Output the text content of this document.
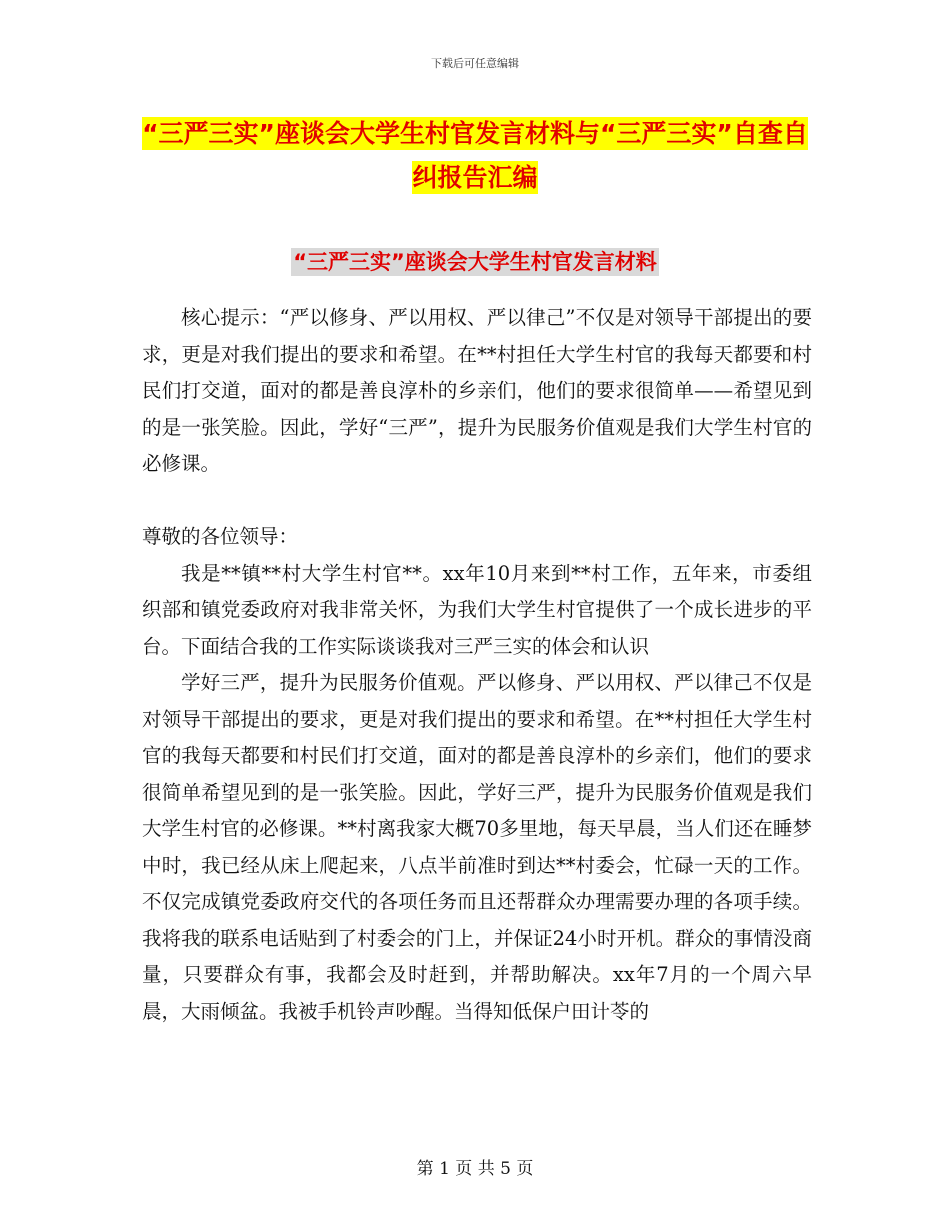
下载后可任意编辑
“三严三实”座谈会大学生村官发言材料与“三严三实”自查自纠报告汇编
“三严三实”座谈会大学生村官发言材料

核心提示：“严以修身、严以用权、严以律己”不仅是对领导干部提出的要求，更是对我们提出的要求和希望。在**村担任大学生村官的我每天都要和村民们打交道，面对的都是善良淳朴的乡亲们，他们的要求很简单——希望见到的是一张笑脸。因此，学好“三严”，提升为民服务价值观是我们大学生村官的必修课。

尊敬的各位领导：

我是**镇**村大学生村官**。xx年10月来到**村工作，五年来，市委组织部和镇党委政府对我非常关怀，为我们大学生村官提供了一个成长进步的平台。下面结合我的工作实际谈谈我对三严三实的体会和认识

学好三严，提升为民服务价值观。严以修身、严以用权、严以律己不仅是对领导干部提出的要求，更是对我们提出的要求和希望。在**村担任大学生村官的我每天都要和村民们打交道，面对的都是善良淳朴的乡亲们，他们的要求很简单希望见到的是一张笑脸。因此，学好三严，提升为民服务价值观是我们大学生村官的必修课。**村离我家大概70多里地，每天早晨，当人们还在睡梦中时，我已经从床上爬起来，八点半前准时到达**村委会，忙碌一天的工作。不仅完成镇党委政府交代的各项任务而且还帮群众办理需要办理的各项手续。我将我的联系电话贴到了村委会的门上，并保证24小时开机。群众的事情没商量，只要群众有事，我都会及时赶到，并帮助解决。xx年7月的一个周六早晨，大雨倾盆。我被手机铃声吵醒。当得知低保户田计苓的

第 1 页 共 5 页
